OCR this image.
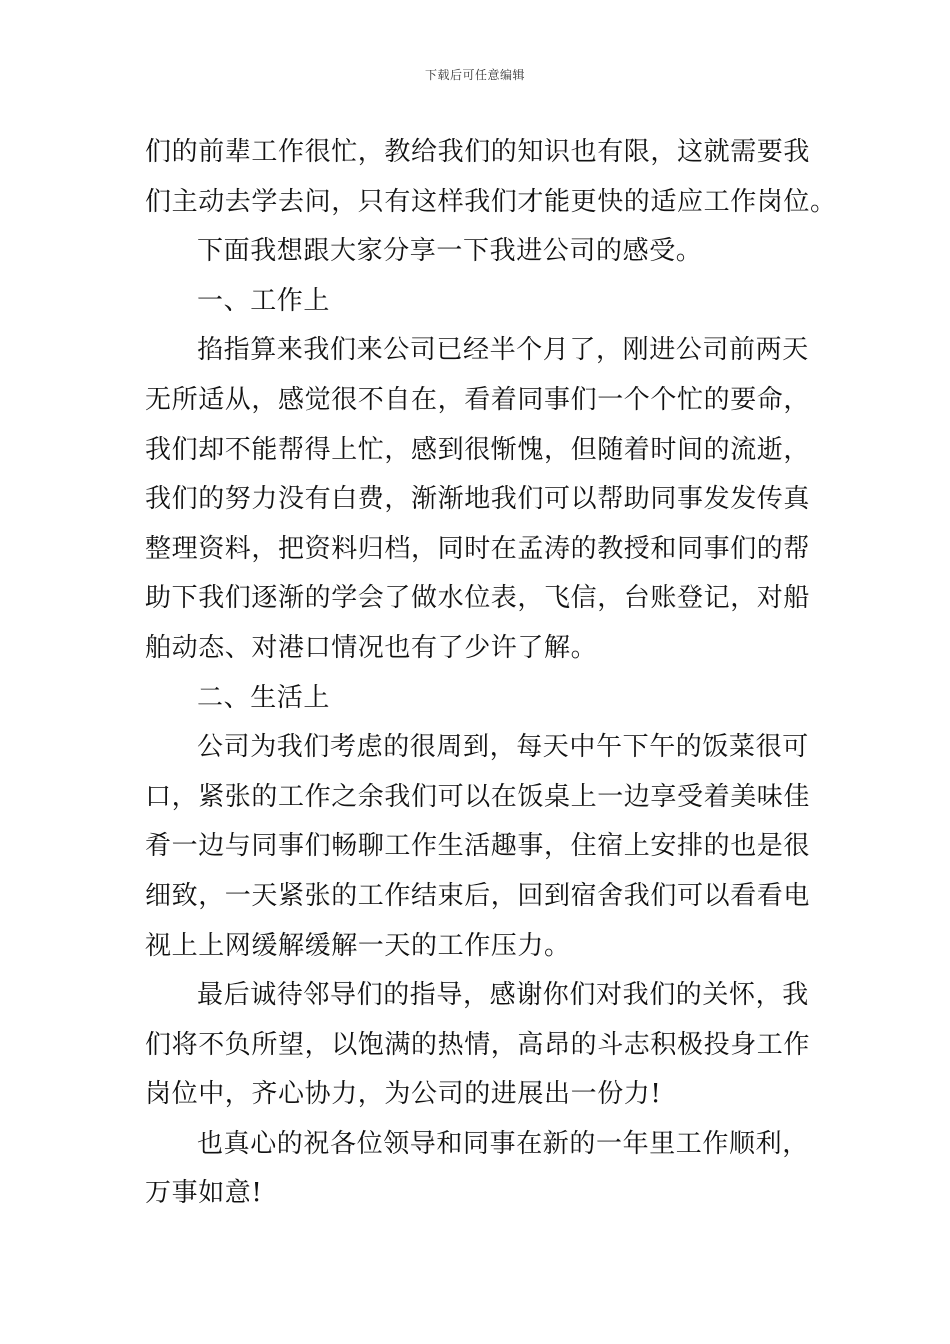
下载后可任意编辑
们的前辈工作很忙，教给我们的知识也有限，这就需要我
们主动去学去问，只有这样我们才能更快的适应工作岗位。
下面我想跟大家分享一下我进公司的感受。
一、工作上
掐指算来我们来公司已经半个月了，刚进公司前两天
无所适从，感觉很不自在，看着同事们一个个忙的要命，
我们却不能帮得上忙，感到很惭愧，但随着时间的流逝，
我们的努力没有白费，渐渐地我们可以帮助同事发发传真
整理资料，把资料归档，同时在孟涛的教授和同事们的帮
助下我们逐渐的学会了做水位表，飞信，台账登记，对船
舶动态、对港口情况也有了少许了解。
二、生活上
公司为我们考虑的很周到，每天中午下午的饭菜很可
口，紧张的工作之余我们可以在饭桌上一边享受着美味佳
肴一边与同事们畅聊工作生活趣事，住宿上安排的也是很
细致，一天紧张的工作结束后，回到宿舍我们可以看看电
视上上网缓解缓解一天的工作压力。
最后诚待邻导们的指导，感谢你们对我们的关怀，我
们将不负所望，以饱满的热情，高昂的斗志积极投身工作
岗位中，齐心协力，为公司的进展出一份力!
也真心的祝各位领导和同事在新的一年里工作顺利，
万事如意!
